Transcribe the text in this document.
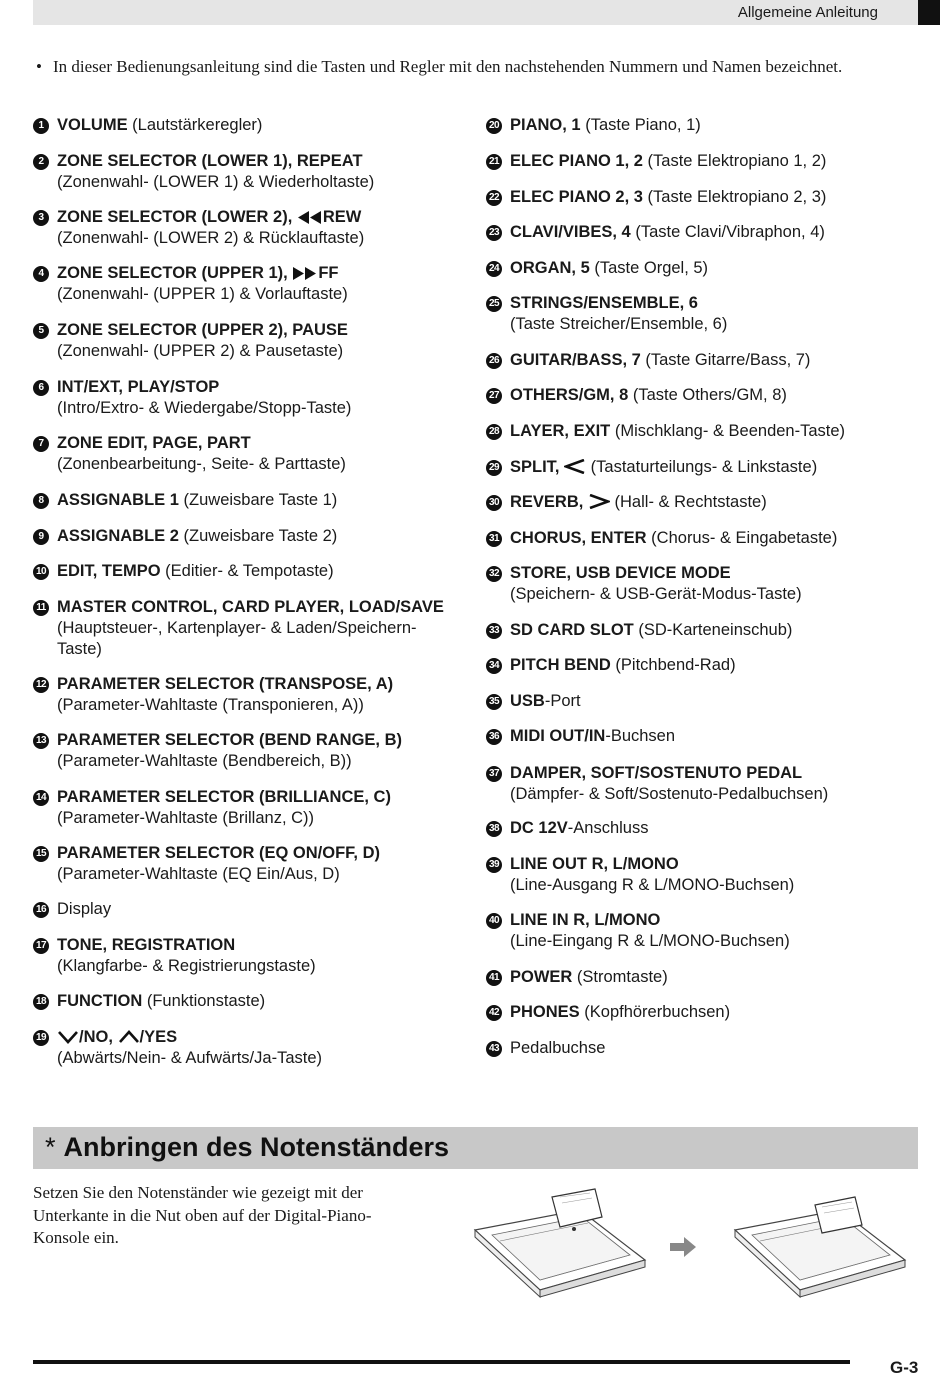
Allgemeine Anleitung
• In dieser Bedienungsanleitung sind die Tasten und Regler mit den nachstehenden Nummern und Namen bezeichnet.
1 VOLUME (Lautstärkeregler)
2 ZONE SELECTOR (LOWER 1), REPEAT
(Zonenwahl- (LOWER 1) & Wiederholtaste)
3 ZONE SELECTOR (LOWER 2), REW
(Zonenwahl- (LOWER 2) & Rücklauftaste)
4 ZONE SELECTOR (UPPER 1), FF
(Zonenwahl- (UPPER 1) & Vorlauftaste)
5 ZONE SELECTOR (UPPER 2), PAUSE
(Zonenwahl- (UPPER 2) & Pausetaste)
6 INT/EXT, PLAY/STOP
(Intro/Extro- & Wiedergabe/Stopp-Taste)
7 ZONE EDIT, PAGE, PART
(Zonenbearbeitung-, Seite- & Parttaste)
8 ASSIGNABLE 1 (Zuweisbare Taste 1)
9 ASSIGNABLE 2 (Zuweisbare Taste 2)
10 EDIT, TEMPO (Editier- & Tempotaste)
11 MASTER CONTROL, CARD PLAYER, LOAD/SAVE
(Hauptsteuer-, Kartenplayer- & Laden/Speichern-
Taste)
12 PARAMETER SELECTOR (TRANSPOSE, A)
(Parameter-Wahltaste (Transponieren, A))
13 PARAMETER SELECTOR (BEND RANGE, B)
(Parameter-Wahltaste (Bendbereich, B))
14 PARAMETER SELECTOR (BRILLIANCE, C)
(Parameter-Wahltaste (Brillanz, C))
15 PARAMETER SELECTOR (EQ ON/OFF, D)
(Parameter-Wahltaste (EQ Ein/Aus, D)
16 Display
17 TONE, REGISTRATION
(Klangfarbe- & Registrierungstaste)
18 FUNCTION (Funktionstaste)
19	/NO, /YES
(Abwärts/Nein- & Aufwärts/Ja-Taste)
20 PIANO, 1 (Taste Piano, 1)
21 ELEC PIANO 1, 2 (Taste Elektropiano 1, 2)
22 ELEC PIANO 2, 3 (Taste Elektropiano 2, 3)
23 CLAVI/VIBES, 4 (Taste Clavi/Vibraphon, 4)
24 ORGAN, 5 (Taste Orgel, 5)
25 STRINGS/ENSEMBLE, 6
(Taste Streicher/Ensemble, 6)
26 GUITAR/BASS, 7 (Taste Gitarre/Bass, 7)
27 OTHERS/GM, 8 (Taste Others/GM, 8)
28 LAYER, EXIT (Mischklang- & Beenden-Taste)
29 SPLIT,  (Tastaturteilungs- & Linkstaste)
30 REVERB,  (Hall- & Rechtstaste)
31 CHORUS, ENTER (Chorus- & Eingabetaste)
32 STORE, USB DEVICE MODE
(Speichern- & USB-Gerät-Modus-Taste)
33 SD CARD SLOT (SD-Karteneinschub)
34 PITCH BEND (Pitchbend-Rad)
35 USB-Port
36 MIDI OUT/IN-Buchsen
37 DAMPER, SOFT/SOSTENUTO PEDAL
(Dämpfer- & Soft/Sostenuto-Pedalbuchsen)
38 DC 12V-Anschluss
39 LINE OUT R, L/MONO
(Line-Ausgang R & L/MONO-Buchsen)
40 LINE IN R, L/MONO
(Line-Eingang R & L/MONO-Buchsen)
41 POWER (Stromtaste)
42 PHONES (Kopfhörerbuchsen)
43 Pedalbuchse
* Anbringen des Notenständers
Setzen Sie den Notenständer wie gezeigt mit der Unterkante in die Nut oben auf der Digital-Piano-Konsole ein.
G-3
